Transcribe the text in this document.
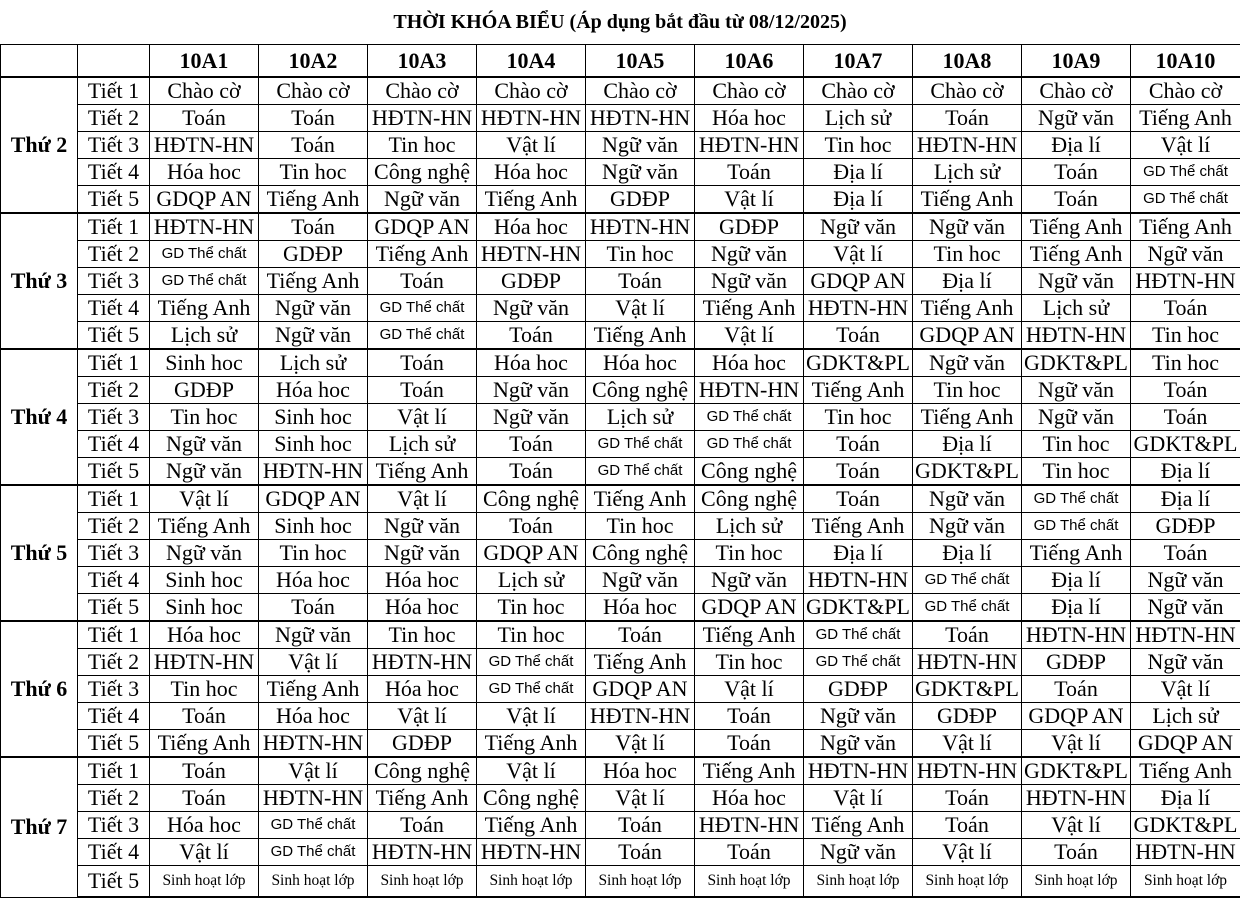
THỜI KHÓA BIỂU (Áp dụng bắt đầu từ 08/12/2025)
		10A1	10A2	10A3	10A4	10A5	10A6	10A7	10A8	10A9	10A10
Thứ 2	Tiết 1	Chào cờ	Chào cờ	Chào cờ	Chào cờ	Chào cờ	Chào cờ	Chào cờ	Chào cờ	Chào cờ	Chào cờ
	Tiết 2	Toán	Toán	HĐTN-HN	HĐTN-HN	HĐTN-HN	Hóa hoc	Lịch sử	Toán	Ngữ văn	Tiếng Anh
	Tiết 3	HĐTN-HN	Toán	Tin hoc	Vật lí	Ngữ văn	HĐTN-HN	Tin hoc	HĐTN-HN	Địa lí	Vật lí
	Tiết 4	Hóa hoc	Tin hoc	Công nghệ	Hóa hoc	Ngữ văn	Toán	Địa lí	Lịch sử	Toán	GD Thể chất
	Tiết 5	GDQP AN	Tiếng Anh	Ngữ văn	Tiếng Anh	GDĐP	Vật lí	Địa lí	Tiếng Anh	Toán	GD Thể chất
Thứ 3	Tiết 1	HĐTN-HN	Toán	GDQP AN	Hóa hoc	HĐTN-HN	GDĐP	Ngữ văn	Ngữ văn	Tiếng Anh	Tiếng Anh
	Tiết 2	GD Thể chất	GDĐP	Tiếng Anh	HĐTN-HN	Tin hoc	Ngữ văn	Vật lí	Tin hoc	Tiếng Anh	Ngữ văn
	Tiết 3	GD Thể chất	Tiếng Anh	Toán	GDĐP	Toán	Ngữ văn	GDQP AN	Địa lí	Ngữ văn	HĐTN-HN
	Tiết 4	Tiếng Anh	Ngữ văn	GD Thể chất	Ngữ văn	Vật lí	Tiếng Anh	HĐTN-HN	Tiếng Anh	Lịch sử	Toán
	Tiết 5	Lịch sử	Ngữ văn	GD Thể chất	Toán	Tiếng Anh	Vật lí	Toán	GDQP AN	HĐTN-HN	Tin hoc
Thứ 4	Tiết 1	Sinh hoc	Lịch sử	Toán	Hóa hoc	Hóa hoc	Hóa hoc	GDKT&PL	Ngữ văn	GDKT&PL	Tin hoc
	Tiết 2	GDĐP	Hóa hoc	Toán	Ngữ văn	Công nghệ	HĐTN-HN	Tiếng Anh	Tin hoc	Ngữ văn	Toán
	Tiết 3	Tin hoc	Sinh hoc	Vật lí	Ngữ văn	Lịch sử	GD Thể chất	Tin hoc	Tiếng Anh	Ngữ văn	Toán
	Tiết 4	Ngữ văn	Sinh hoc	Lịch sử	Toán	GD Thể chất	GD Thể chất	Toán	Địa lí	Tin hoc	GDKT&PL
	Tiết 5	Ngữ văn	HĐTN-HN	Tiếng Anh	Toán	GD Thể chất	Công nghệ	Toán	GDKT&PL	Tin hoc	Địa lí
Thứ 5	Tiết 1	Vật lí	GDQP AN	Vật lí	Công nghệ	Tiếng Anh	Công nghệ	Toán	Ngữ văn	GD Thể chất	Địa lí
	Tiết 2	Tiếng Anh	Sinh hoc	Ngữ văn	Toán	Tin hoc	Lịch sử	Tiếng Anh	Ngữ văn	GD Thể chất	GDĐP
	Tiết 3	Ngữ văn	Tin hoc	Ngữ văn	GDQP AN	Công nghệ	Tin hoc	Địa lí	Địa lí	Tiếng Anh	Toán
	Tiết 4	Sinh hoc	Hóa hoc	Hóa hoc	Lịch sử	Ngữ văn	Ngữ văn	HĐTN-HN	GD Thể chất	Địa lí	Ngữ văn
	Tiết 5	Sinh hoc	Toán	Hóa hoc	Tin hoc	Hóa hoc	GDQP AN	GDKT&PL	GD Thể chất	Địa lí	Ngữ văn
Thứ 6	Tiết 1	Hóa hoc	Ngữ văn	Tin hoc	Tin hoc	Toán	Tiếng Anh	GD Thể chất	Toán	HĐTN-HN	HĐTN-HN
	Tiết 2	HĐTN-HN	Vật lí	HĐTN-HN	GD Thể chất	Tiếng Anh	Tin hoc	GD Thể chất	HĐTN-HN	GDĐP	Ngữ văn
	Tiết 3	Tin hoc	Tiếng Anh	Hóa hoc	GD Thể chất	GDQP AN	Vật lí	GDĐP	GDKT&PL	Toán	Vật lí
	Tiết 4	Toán	Hóa hoc	Vật lí	Vật lí	HĐTN-HN	Toán	Ngữ văn	GDĐP	GDQP AN	Lịch sử
	Tiết 5	Tiếng Anh	HĐTN-HN	GDĐP	Tiếng Anh	Vật lí	Toán	Ngữ văn	Vật lí	Vật lí	GDQP AN
Thứ 7	Tiết 1	Toán	Vật lí	Công nghệ	Vật lí	Hóa hoc	Tiếng Anh	HĐTN-HN	HĐTN-HN	GDKT&PL	Tiếng Anh
	Tiết 2	Toán	HĐTN-HN	Tiếng Anh	Công nghệ	Vật lí	Hóa hoc	Vật lí	Toán	HĐTN-HN	Địa lí
	Tiết 3	Hóa hoc	GD Thể chất	Toán	Tiếng Anh	Toán	HĐTN-HN	Tiếng Anh	Toán	Vật lí	GDKT&PL
	Tiết 4	Vật lí	GD Thể chất	HĐTN-HN	HĐTN-HN	Toán	Toán	Ngữ văn	Vật lí	Toán	HĐTN-HN
	Tiết 5	Sinh hoạt lớp	Sinh hoạt lớp	Sinh hoạt lớp	Sinh hoạt lớp	Sinh hoạt lớp	Sinh hoạt lớp	Sinh hoạt lớp	Sinh hoạt lớp	Sinh hoạt lớp	Sinh hoạt lớp
